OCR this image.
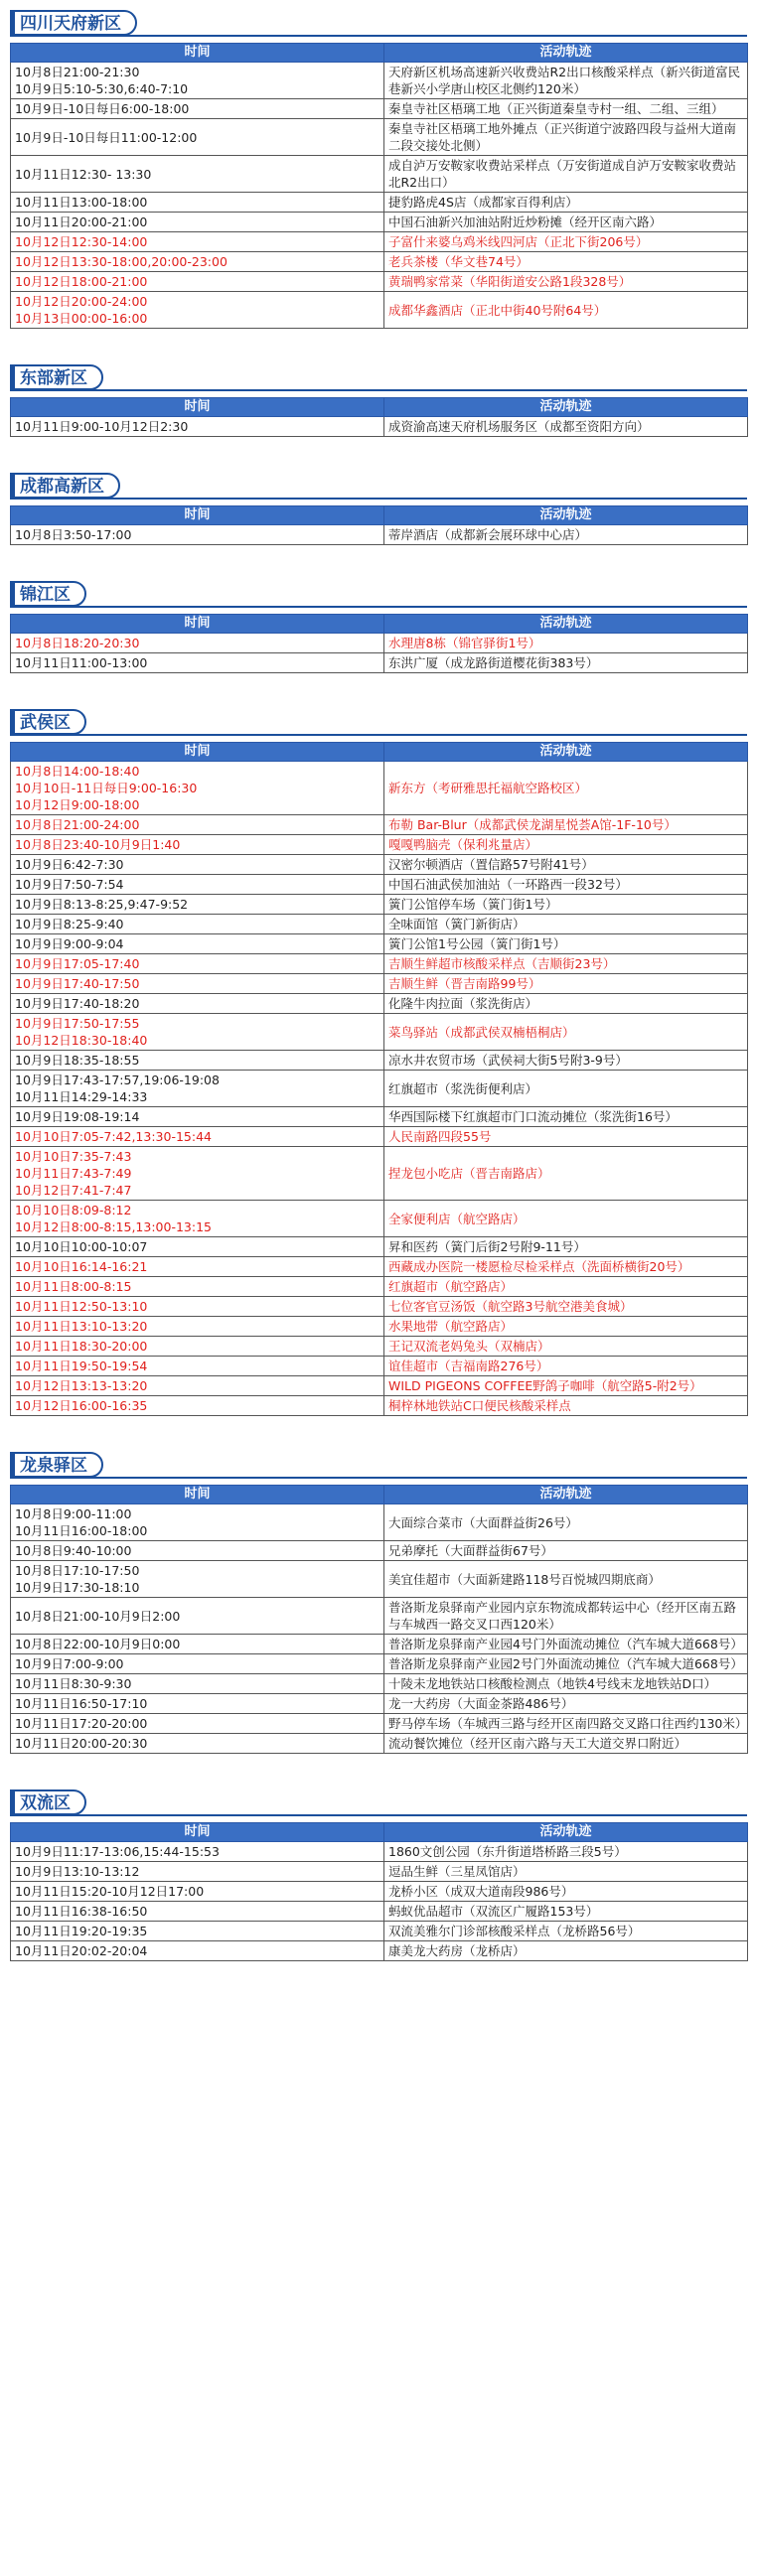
四川天府新区
时间	活动轨迹

10月8日21:00-21:30
10月9日5:10-5:30,6:40-7:10	天府新区机场高速新兴收费站R2出口核酸采样点（新兴街道富民巷新兴小学唐山校区北侧约120米）

10月9日-10日每日6:00-18:00	秦皇寺社区梧璃工地（正兴街道秦皇寺村一组、二组、三组）

10月9日-10日每日11:00-12:00	秦皇寺社区梧璃工地外摊点（正兴街道宁波路四段与益州大道南二段交接处北侧）

10月11日12:30- 13:30	成自泸万安鞍家收费站采样点（万安街道成自泸万安鞍家收费站北R2出口）

10月11日13:00-18:00	捷豹路虎4S店（成都家百得利店）

10月11日20:00-21:00	中国石油新兴加油站附近炒粉摊（经开区南六路）

10月12日12:30-14:00	子富什来婆乌鸡米线四河店（正北下街206号）

10月12日13:30-18:00,20:00-23:00	老兵茶楼（华文巷74号）

10月12日18:00-21:00	黄瑞鸭家常菜（华阳街道安公路1段328号）

10月12日20:00-24:00
10月13日00:00-16:00	成都华鑫酒店（正北中街40号附64号）
东部新区
时间	活动轨迹

10月11日9:00-10月12日2:30	成资渝高速天府机场服务区（成都至资阳方向）
成都高新区
时间	活动轨迹

10月8日3:50-17:00	蒂岸酒店（成都新会展环球中心店）
锦江区
时间	活动轨迹

10月8日18:20-20:30	水理唐8栋（锦官驿街1号）

10月11日11:00-13:00	东洪广厦（成龙路街道樱花街383号）
武侯区
时间	活动轨迹

10月8日14:00-18:40
10月10日-11日每日9:00-16:30
10月12日9:00-18:00	新东方（考研雅思托福航空路校区）

10月8日21:00-24:00	布勒 Bar-Blur（成都武侯龙湖星悦荟A馆-1F-10号）

10月8日23:40-10月9日1:40	嘎嘎鸭脑壳（保利兆量店）

10月9日6:42-7:30	汉密尔顿酒店（置信路57号附41号）

10月9日7:50-7:54	中国石油武侯加油站（一环路西一段32号）

10月9日8:13-8:25,9:47-9:52	簧门公馆停车场（簧门街1号）

10月9日8:25-9:40	全味面馆（簧门新街店）

10月9日9:00-9:04	簧门公馆1号公园（簧门街1号）

10月9日17:05-17:40	吉顺生鲜超市核酸采样点（吉顺街23号）

10月9日17:40-17:50	吉顺生鲜（晋吉南路99号）

10月9日17:40-18:20	化隆牛肉拉面（浆洗街店）

10月9日17:50-17:55
10月12日18:30-18:40	菜鸟驿站（成都武侯双楠梧桐店）

10月9日18:35-18:55	凉水井农贸市场（武侯祠大街5号附3-9号）

10月9日17:43-17:57,19:06-19:08
10月11日14:29-14:33	红旗超市（浆洗街便利店）

10月9日19:08-19:14	华西国际楼下红旗超市门口流动摊位（浆洗街16号）

10月10日7:05-7:42,13:30-15:44	人民南路四段55号

10月10日7:35-7:43
10月11日7:43-7:49
10月12日7:41-7:47	捏龙包小吃店（晋吉南路店）

10月10日8:09-8:12
10月12日8:00-8:15,13:00-13:15	全家便利店（航空路店）

10月10日10:00-10:07	昇和医药（簧门后街2号附9-11号）

10月10日16:14-16:21	西藏成办医院一楼愿检尽检采样点（洗面桥横街20号）

10月11日8:00-8:15	红旗超市（航空路店）

10月11日12:50-13:10	七位客官豆汤饭（航空路3号航空港美食城）

10月11日13:10-13:20	水果地带（航空路店）

10月11日18:30-20:00	王记双流老妈兔头（双楠店）

10月11日19:50-19:54	谊佳超市（吉福南路276号）

10月12日13:13-13:20	WILD PIGEONS COFFEE野鸽子咖啡（航空路5-附2号）

10月12日16:00-16:35	桐梓林地铁站C口便民核酸采样点
龙泉驿区
时间	活动轨迹

10月8日9:00-11:00
10月11日16:00-18:00	大面综合菜市（大面群益街26号）

10月8日9:40-10:00	兄弟摩托（大面群益街67号）

10月8日17:10-17:50
10月9日17:30-18:10	美宜佳超市（大面新建路118号百悦城四期底商）

10月8日21:00-10月9日2:00	普洛斯龙泉驿南产业园内京东物流成都转运中心（经开区南五路与车城西一路交叉口西120米）

10月8日22:00-10月9日0:00	普洛斯龙泉驿南产业园4号门外面流动摊位（汽车城大道668号）

10月9日7:00-9:00	普洛斯龙泉驿南产业园2号门外面流动摊位（汽车城大道668号）

10月11日8:30-9:30	十陵未龙地铁站口核酸检测点（地铁4号线末龙地铁站D口）

10月11日16:50-17:10	龙一大药房（大面金茶路486号）

10月11日17:20-20:00	野马停车场（车城西三路与经开区南四路交叉路口往西约130米）

10月11日20:00-20:30	流动餐饮摊位（经开区南六路与天工大道交界口附近）
双流区
时间	活动轨迹

10月9日11:17-13:06,15:44-15:53	1860文创公园（东升街道塔桥路三段5号）

10月9日13:10-13:12	逗品生鲜（三星凤馆店）

10月11日15:20-10月12日17:00	龙桥小区（成双大道南段986号）

10月11日16:38-16:50	蚂蚁优品超市（双流区广履路153号）

10月11日19:20-19:35	双流美雅尔门诊部核酸采样点（龙桥路56号）

10月11日20:02-20:04	康美龙大药房（龙桥店）
